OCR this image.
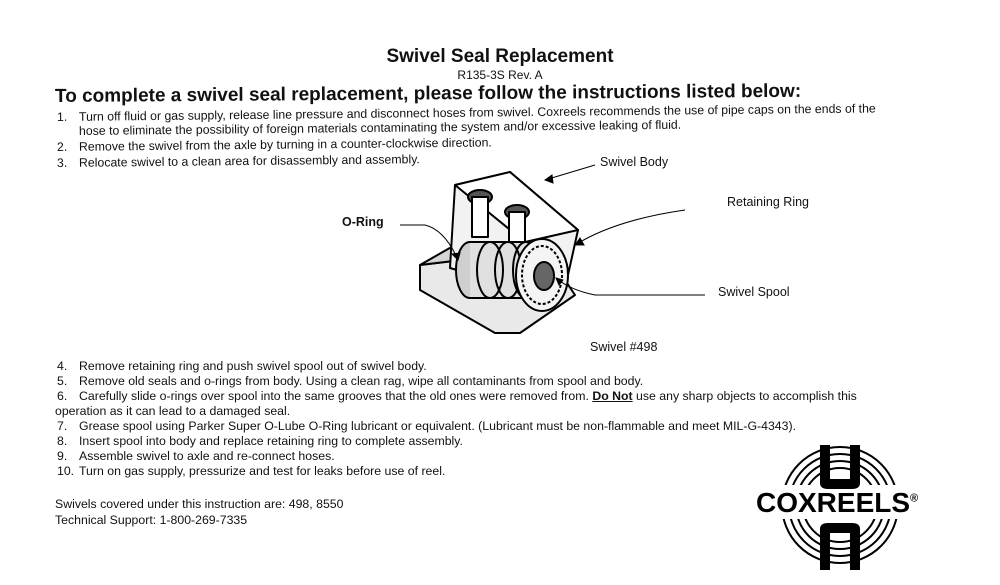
Swivel Seal Replacement
R135-3S Rev. A
To complete a swivel seal replacement, please follow the instructions listed below:
1. Turn off fluid or gas supply, release line pressure and disconnect hoses from swivel. Coxreels recommends the use of pipe caps on the ends of the
hose to eliminate the possibility of foreign materials contaminating the system and/or excessive leaking of fluid.
2. Remove the swivel from the axle by turning in a counter-clockwise direction.
3. Relocate swivel to a clean area for disassembly and assembly.	Swivel Body
Retaining Ring
O-Ring
Swivel Spool
Swivel #498
4. Remove retaining ring and push swivel spool out of swivel body.
5. Remove old seals and o-rings from body. Using a clean rag, wipe all contaminants from spool and body.
6. Carefully slide o-rings over spool into the same grooves that the old ones were removed from. Do Not use any sharp objects to accomplish this
operation as it can lead to a damaged seal.
7. Grease spool using Parker Super O-Lube O-Ring lubricant or equivalent. (Lubricant must be non-flammable and meet MIL-G-4343).
8. Insert spool into body and replace retaining ring to complete assembly.
9. Assemble swivel to axle and re-connect hoses.
10. Turn on gas supply, pressurize and test for leaks before use of reel.
Swivels covered under this instruction are: 498, 8550
Technical Support: 1-800-269-7335
COXREELS®
